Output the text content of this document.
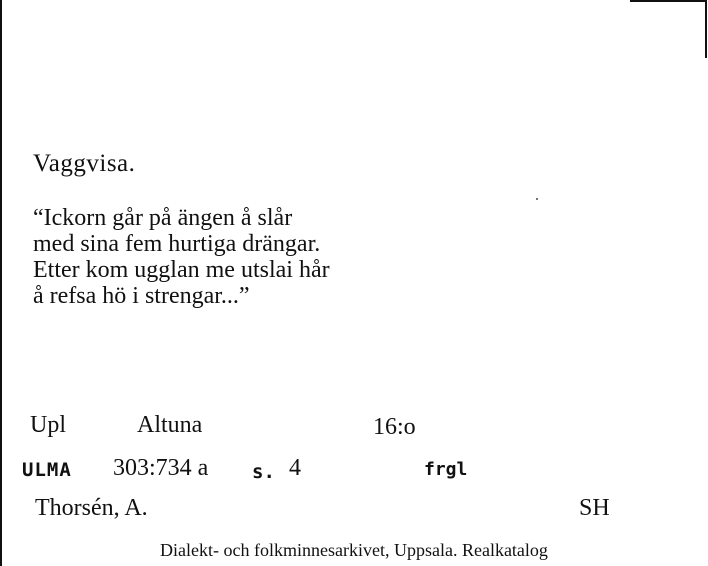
Vaggvisa.
“Ickorn går på ängen å slår
med sina fem hurtiga drängar.
Etter kom ugglan me utslai hår
å refsa hö i strengar...”
Upl	Altuna	16:o
ULMA 303:734 a s. 4	frgl
Thorsén, A.	SH
Dialekt- och folkminnesarkivet, Uppsala. Realkatalog
